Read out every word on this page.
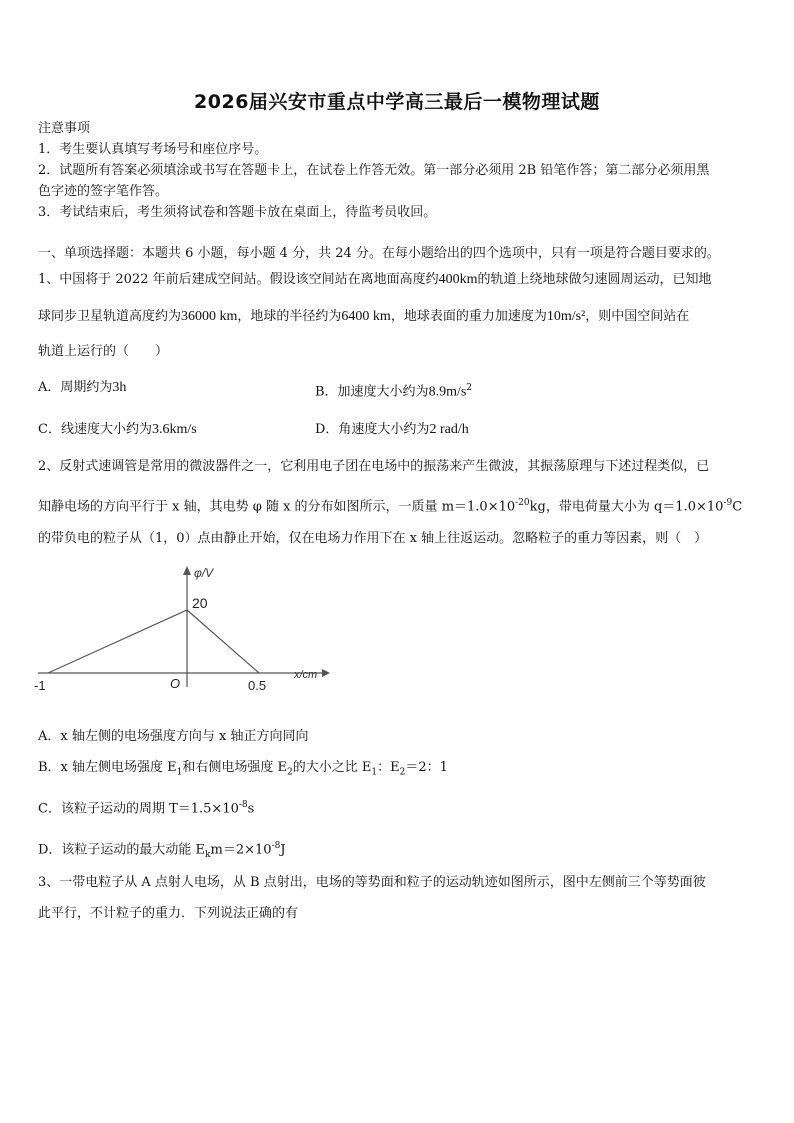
2026届兴安市重点中学高三最后一模物理试题
注意事项
1．考生要认真填写考场号和座位序号。
2．试题所有答案必须填涂或书写在答题卡上，在试卷上作答无效。第一部分必须用 2B 铅笔作答；第二部分必须用黑
色字迹的签字笔作答。
3．考试结束后，考生须将试卷和答题卡放在桌面上，待监考员收回。
一、单项选择题：本题共 6 小题，每小题 4 分，共 24 分。在每小题给出的四个选项中，只有一项是符合题目要求的。
1、中国将于 2022 年前后建成空间站。假设该空间站在离地面高度约400km的轨道上绕地球做匀速圆周运动，已知地
球同步卫星轨道高度约为36000 km，地球的半径约为6400 km，地球表面的重力加速度为10m/s²，则中国空间站在
轨道上运行的（　　）
A．周期约为3h	B．加速度大小约为$8.9m/s^2$
C．线速度大小约为3.6km/s	D．角速度大小约为2 rad/h
2、反射式速调管是常用的微波器件之一，它利用电子团在电场中的振荡来产生微波，其振荡原理与下述过程类似，已
知静电场的方向平行于 x 轴，其电势 φ 随 x 的分布如图所示，一质量 $m=1.0\times 10^{-20}kg$，带电荷量大小为 $q=1.0\times 10^{-9}C$
的带负电的粒子从（1，0）点由静止开始，仅在电场力作用下在 x 轴上往返运动。忽略粒子的重力等因素，则（　）
φ/V
20
x/cm
O
-1	0.5
A．x 轴左侧的电场强度方向与 x 轴正方向同向
B．x 轴左侧电场强度 $E_1$和右侧电场强度 $E_2$的大小之比 $E_1$：$E_2=2$：1
C．该粒子运动的周期 $T=1.5\times 10^{-8}s$
D．该粒子运动的最大动能 $E_km=2\times 10^{-8}J$
3、一带电粒子从 A 点射人电场，从 B 点射出，电场的等势面和粒子的运动轨迹如图所示，图中左侧前三个等势面彼
此平行，不计粒子的重力．下列说法正确的有
